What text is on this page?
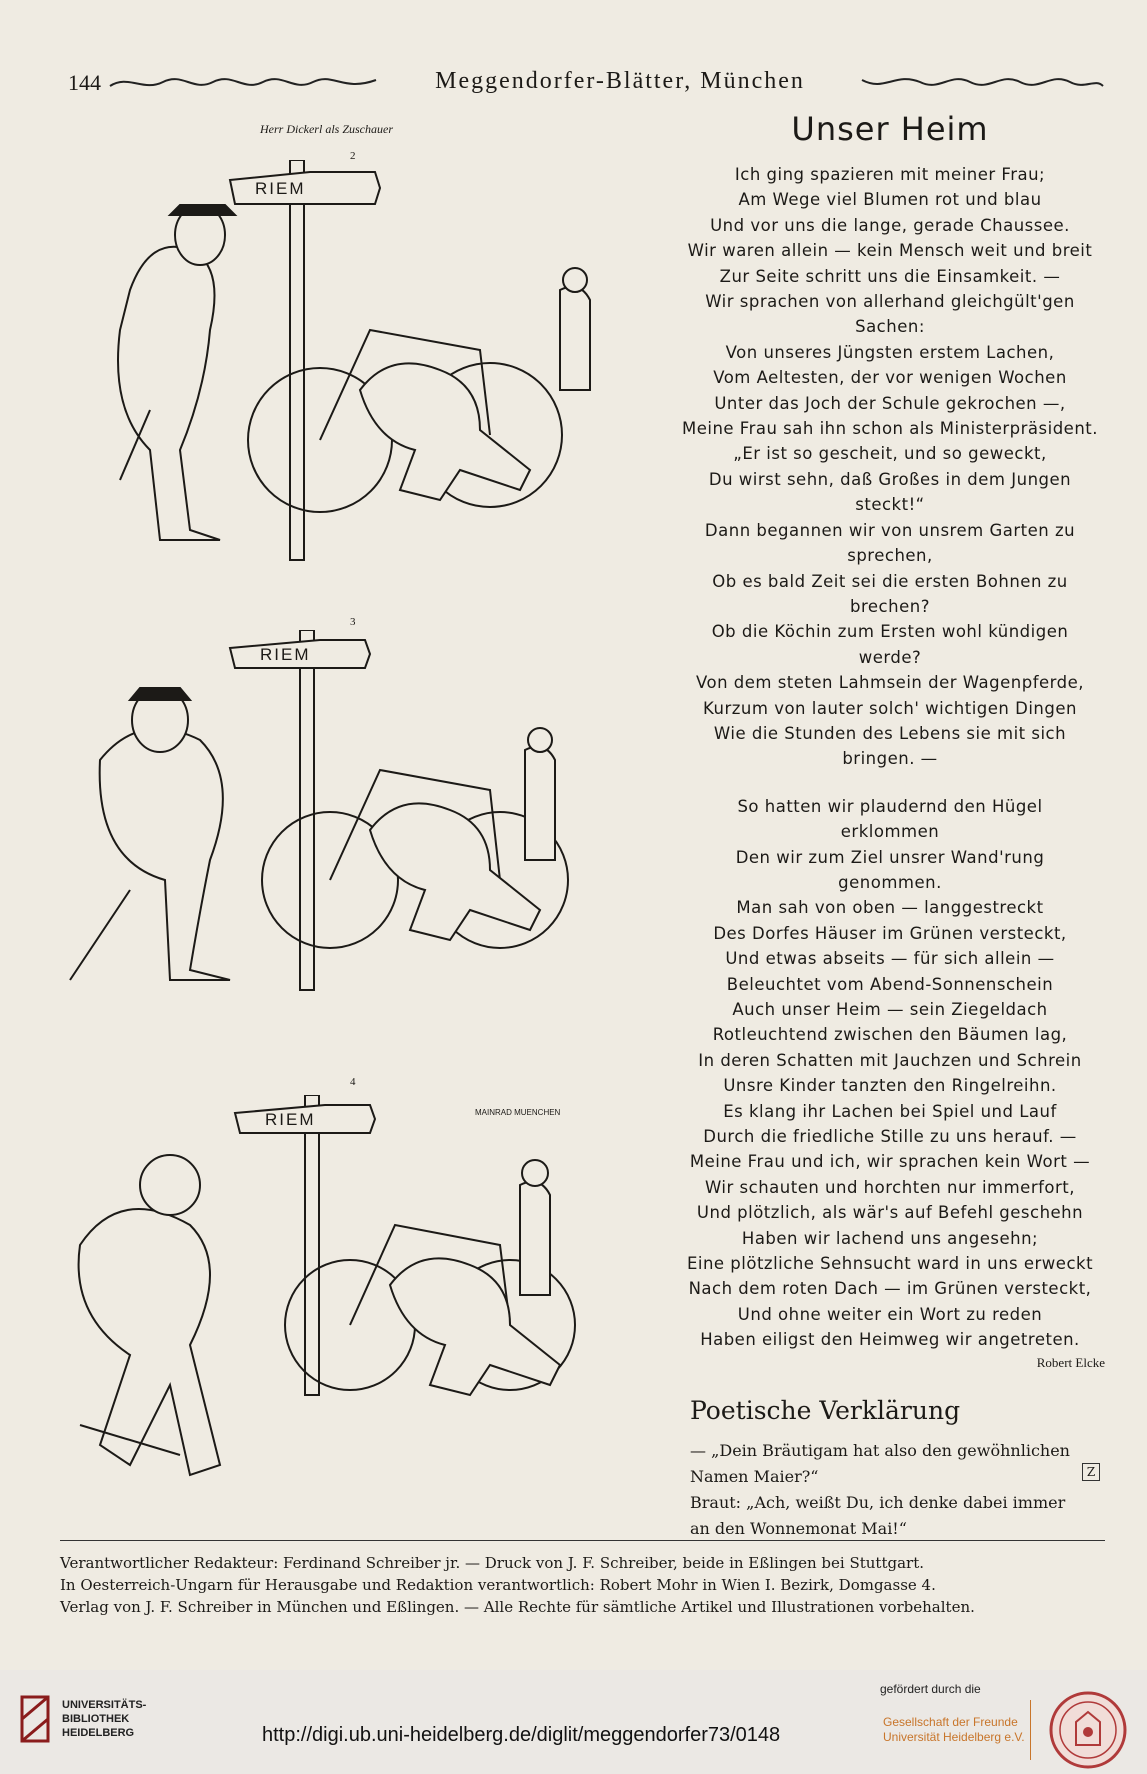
144	Meggendorfer-Blätter, München
Herr Dickerl als Zuschauer
2
3
4
RIEM
RIEM
RIEM	MAINRAD MUENCHEN
Unser Heim
Ich ging spazieren mit meiner Frau;
Am Wege viel Blumen rot und blau
Und vor uns die lange, gerade Chaussee.
Wir waren allein — kein Mensch weit und breit
Zur Seite schritt uns die Einsamkeit. —
Wir sprachen von allerhand gleichgült'gen
Sachen:
Von unseres Jüngsten erstem Lachen,
Vom Aeltesten, der vor wenigen Wochen
Unter das Joch der Schule gekrochen —,
Meine Frau sah ihn schon als Ministerpräsident.
„Er ist so gescheit, und so geweckt,
Du wirst sehn, daß Großes in dem Jungen
steckt!“
Dann begannen wir von unsrem Garten zu
sprechen,
Ob es bald Zeit sei die ersten Bohnen zu
brechen?
Ob die Köchin zum Ersten wohl kündigen
werde?
Von dem steten Lahmsein der Wagenpferde,
Kurzum von lauter solch' wichtigen Dingen
Wie die Stunden des Lebens sie mit sich
bringen. —
So hatten wir plaudernd den Hügel
erklommen
Den wir zum Ziel unsrer Wand'rung
genommen.
Man sah von oben — langgestreckt
Des Dorfes Häuser im Grünen versteckt,
Und etwas abseits — für sich allein —
Beleuchtet vom Abend-Sonnenschein
Auch unser Heim — sein Ziegeldach
Rotleuchtend zwischen den Bäumen lag,
In deren Schatten mit Jauchzen und Schrein
Unsre Kinder tanzten den Ringelreihn.
Es klang ihr Lachen bei Spiel und Lauf
Durch die friedliche Stille zu uns herauf. —
Meine Frau und ich, wir sprachen kein Wort —
Wir schauten und horchten nur immerfort,
Und plötzlich, als wär's auf Befehl geschehn
Haben wir lachend uns angesehn;
Eine plötzliche Sehnsucht ward in uns erweckt
Nach dem roten Dach — im Grünen versteckt,
Und ohne weiter ein Wort zu reden
Haben eiligst den Heimweg wir angetreten.
Robert Elcke
Poetische Verklärung
— „Dein Bräutigam hat also den gewöhnlichen
Namen Maier?“
Braut: „Ach, weißt Du, ich denke dabei immer
an den Wonnemonat Mai!“
Z
Verantwortlicher Redakteur: Ferdinand Schreiber jr. — Druck von J. F. Schreiber, beide in Eßlingen bei Stuttgart.
In Oesterreich-Ungarn für Herausgabe und Redaktion verantwortlich: Robert Mohr in Wien I. Bezirk, Domgasse 4.
Verlag von J. F. Schreiber in München und Eßlingen. — Alle Rechte für sämtliche Artikel und Illustrationen vorbehalten.
UNIVERSITÄTS-
BIBLIOTHEK
HEIDELBERG	http://digi.ub.uni-heidelberg.de/diglit/meggendorfer73/0148
gefördert durch die
Gesellschaft der Freunde
Universität Heidelberg e.V.
